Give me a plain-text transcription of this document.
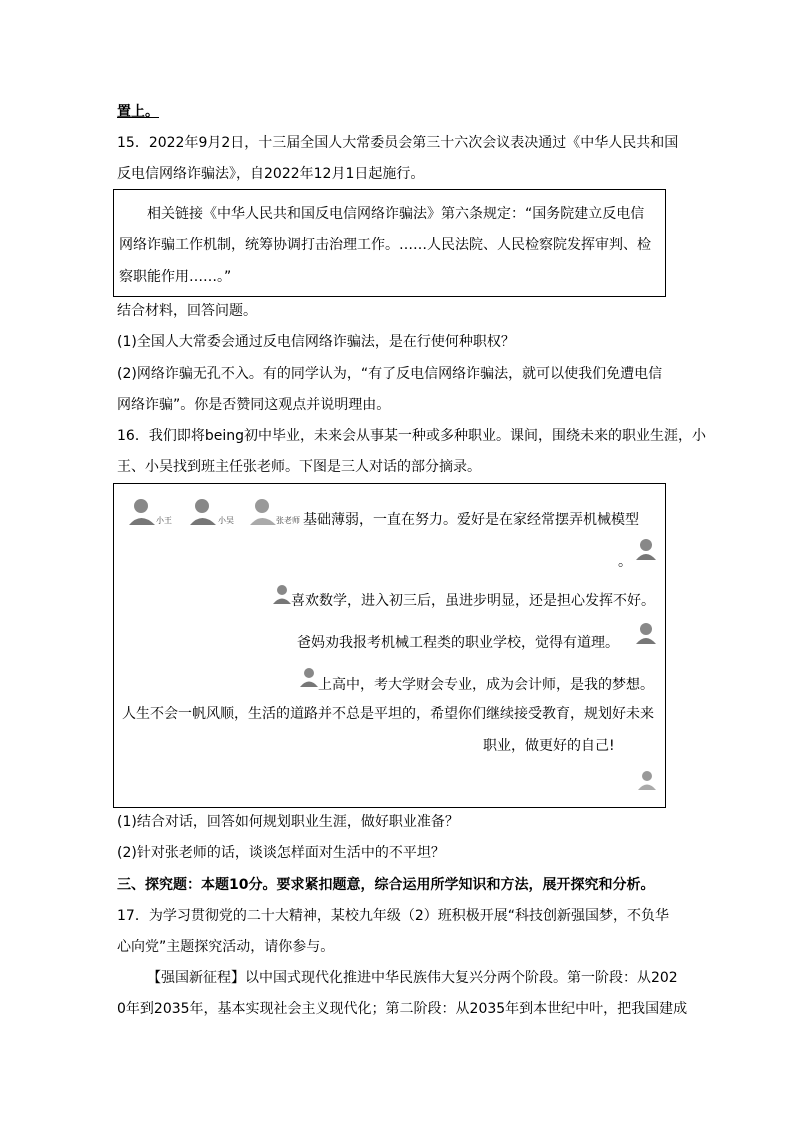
置上。
15．2022年9月2日，十三届全国人大常委员会第三十六次会议表决通过《中华人民共和国
反电信网络诈骗法》，自2022年12月1日起施行。
相关链接《中华人民共和国反电信网络诈骗法》第六条规定：“国务院建立反电信
网络诈骗工作机制，统筹协调打击治理工作。……人民法院、人民检察院发挥审判、检
察职能作用……。”
结合材料，回答问题。
(1)全国人大常委会通过反电信网络诈骗法，是在行使何种职权？
(2)网络诈骗无孔不入。有的同学认为，“有了反电信网络诈骗法，就可以使我们免遭电信
网络诈骗”。你是否赞同这观点并说明理由。
16．我们即将being初中毕业，未来会从事某一种或多种职业。课间，围绕未来的职业生涯，小
王、小吴找到班主任张老师。下图是三人对话的部分摘录。
小王	小吴	张老师 基础薄弱，一直在努力。爱好是在家经常摆弄机械模型
。
喜欢数学，进入初三后，虽进步明显，还是担心发挥不好。
爸妈劝我报考机械工程类的职业学校，觉得有道理。
上高中，考大学财会专业，成为会计师，是我的梦想。
人生不会一帆风顺，生活的道路并不总是平坦的，希望你们继续接受教育，规划好未来
职业，做更好的自己!
(1)结合对话，回答如何规划职业生涯，做好职业准备？
(2)针对张老师的话，谈谈怎样面对生活中的不平坦？
三、探究题：本题10分。要求紧扣题意，综合运用所学知识和方法，展开探究和分析。
17．为学习贯彻党的二十大精神，某校九年级（2）班积极开展“科技创新强国梦，不负华
心向党”主题探究活动，请你参与。
【强国新征程】以中国式现代化推进中华民族伟大复兴分两个阶段。第一阶段：从202
0年到2035年，基本实现社会主义现代化；第二阶段：从2035年到本世纪中叶，把我国建成
